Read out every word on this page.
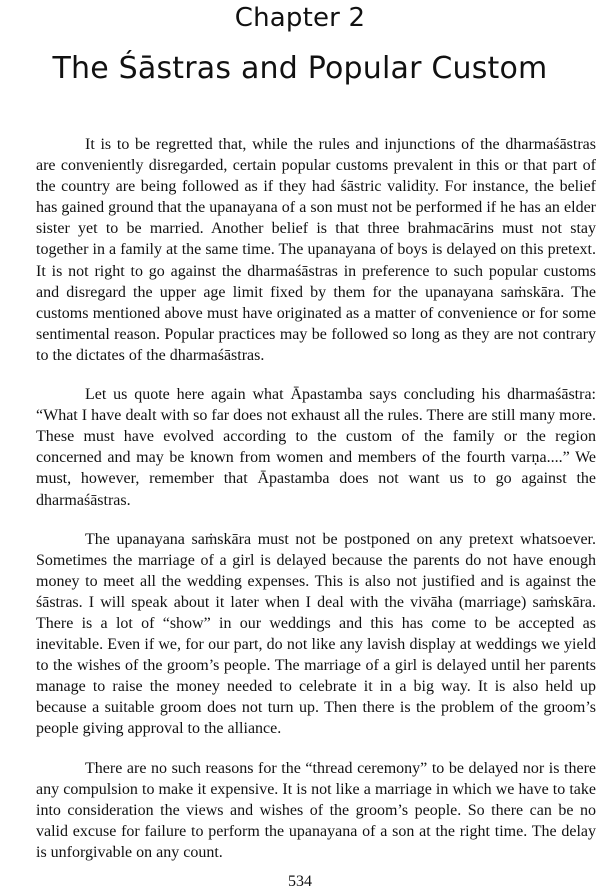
Chapter 2
The Śāstras and Popular Custom

It is to be regretted that, while the rules and injunctions of the dharmaśāstras are conveniently disregarded, certain popular customs prevalent in this or that part of the country are being followed as if they had śāstric validity. For instance, the belief has gained ground that the upanayana of a son must not be performed if he has an elder sister yet to be married. Another belief is that three brahmacārins must not stay together in a family at the same time. The upanayana of boys is delayed on this pretext. It is not right to go against the dharmaśāstras in preference to such popular customs and disregard the upper age limit fixed by them for the upanayana saṁskāra. The customs mentioned above must have originated as a matter of convenience or for some sentimental reason. Popular practices may be followed so long as they are not contrary to the dictates of the dharmaśāstras.

Let us quote here again what Āpastamba says concluding his dharmaśāstra: “What I have dealt with so far does not exhaust all the rules. There are still many more. These must have evolved according to the custom of the family or the region concerned and may be known from women and members of the fourth varṇa....” We must, however, remember that Āpastamba does not want us to go against the dharmaśāstras.

The upanayana saṁskāra must not be postponed on any pretext whatsoever. Sometimes the marriage of a girl is delayed because the parents do not have enough money to meet all the wedding expenses. This is also not justified and is against the śāstras. I will speak about it later when I deal with the vivāha (marriage) saṁskāra. There is a lot of “show” in our weddings and this has come to be accepted as inevitable. Even if we, for our part, do not like any lavish display at weddings we yield to the wishes of the groom’s people. The marriage of a girl is delayed until her parents manage to raise the money needed to celebrate it in a big way. It is also held up because a suitable groom does not turn up. Then there is the problem of the groom’s people giving approval to the alliance.

There are no such reasons for the “thread ceremony” to be delayed nor is there any compulsion to make it expensive. It is not like a marriage in which we have to take into consideration the views and wishes of the groom’s people. So there can be no valid excuse for failure to perform the upanayana of a son at the right time. The delay is unforgivable on any count.

534
